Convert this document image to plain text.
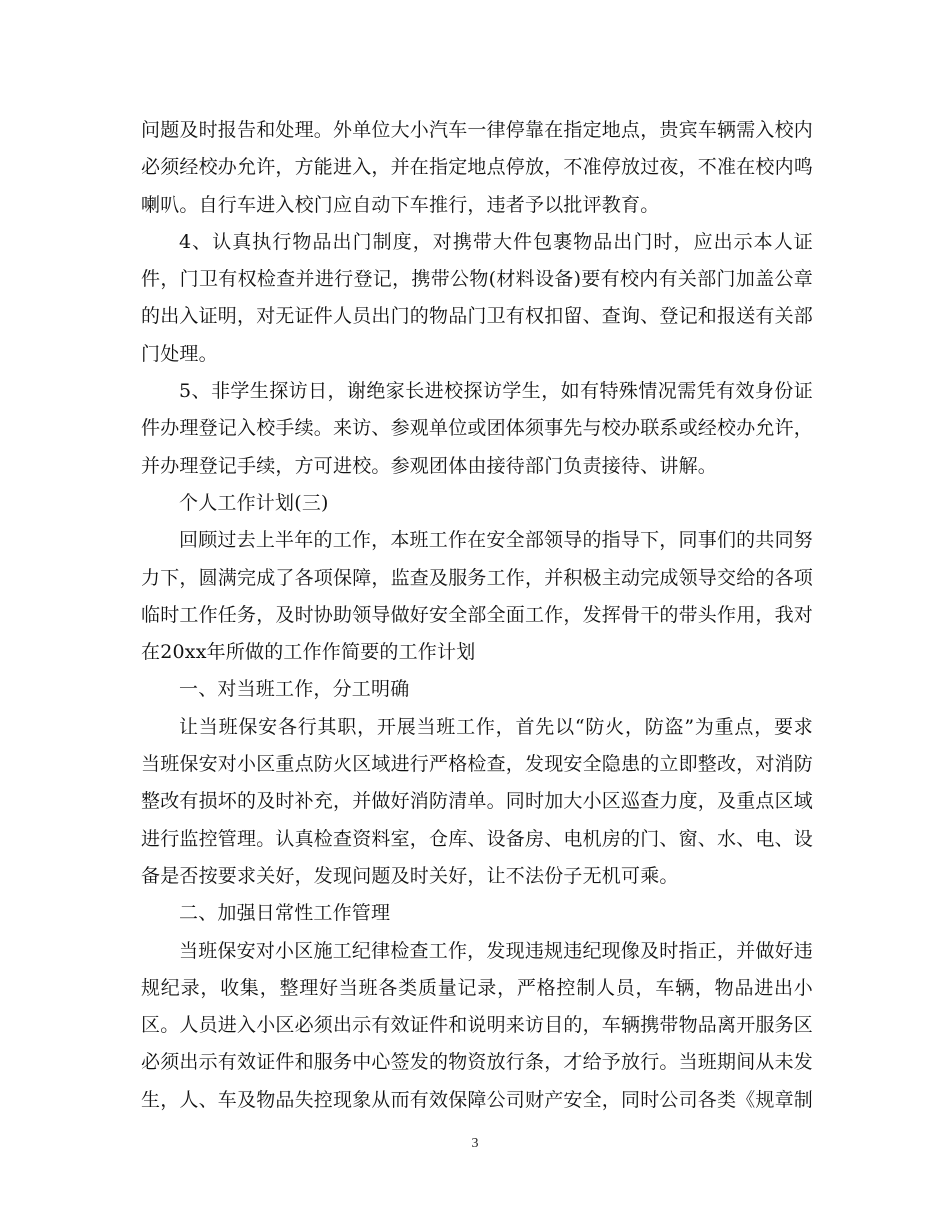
问题及时报告和处理。外单位大小汽车一律停靠在指定地点，贵宾车辆需入校内必须经校办允许，方能进入，并在指定地点停放，不准停放过夜，不准在校内鸣喇叭。自行车进入校门应自动下车推行，违者予以批评教育。

4、认真执行物品出门制度，对携带大件包裹物品出门时，应出示本人证件，门卫有权检查并进行登记，携带公物(材料设备)要有校内有关部门加盖公章的出入证明，对无证件人员出门的物品门卫有权扣留、查询、登记和报送有关部门处理。

5、非学生探访日，谢绝家长进校探访学生，如有特殊情况需凭有效身份证件办理登记入校手续。来访、参观单位或团体须事先与校办联系或经校办允许，并办理登记手续，方可进校。参观团体由接待部门负责接待、讲解。

个人工作计划(三)

回顾过去上半年的工作，本班工作在安全部领导的指导下，同事们的共同努力下，圆满完成了各项保障，监查及服务工作，并积极主动完成领导交给的各项临时工作任务，及时协助领导做好安全部全面工作，发挥骨干的带头作用，我对在20xx年所做的工作作简要的工作计划

一、对当班工作，分工明确

让当班保安各行其职，开展当班工作，首先以“防火，防盗”为重点，要求当班保安对小区重点防火区域进行严格检查，发现安全隐患的立即整改，对消防整改有损坏的及时补充，并做好消防清单。同时加大小区巡查力度，及重点区域进行监控管理。认真检查资料室，仓库、设备房、电机房的门、窗、水、电、设备是否按要求关好，发现问题及时关好，让不法份子无机可乘。

二、加强日常性工作管理

当班保安对小区施工纪律检查工作，发现违规违纪现像及时指正，并做好违规纪录，收集，整理好当班各类质量记录，严格控制人员，车辆，物品进出小区。人员进入小区必须出示有效证件和说明来访目的，车辆携带物品离开服务区必须出示有效证件和服务中心签发的物资放行条，才给予放行。当班期间从未发生，人、车及物品失控现象从而有效保障公司财产安全，同时公司各类《规章制

3
